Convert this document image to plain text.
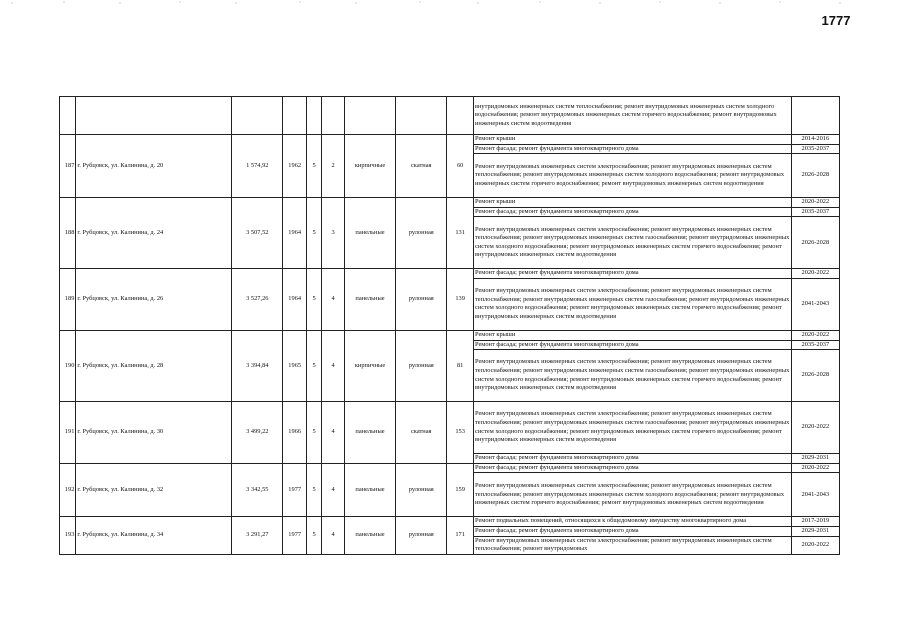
1777
									внутридомовых инженерных систем теплоснабжения; ремонт внутридомовых инженерных систем холодного водоснабжения; ремонт внутридомовых инженерных систем горячего водоснабжения; ремонт внутридомовых инженерных систем водоотведения	
187	г. Рубцовск, ул. Калинина, д. 20	1 574,92	1962	5	2	кирпичные	скатная	60	Ремонт крыши	2014-2016
									Ремонт фасада; ремонт фундамента многоквартирного дома	2035-2037
									Ремонт внутридомовых инженерных систем электроснабжения; ремонт внутридомовых инженерных систем теплоснабжения; ремонт внутридомовых инженерных систем холодного водоснабжения; ремонт внутридомовых инженерных систем горячего водоснабжения; ремонт внутридомовых инженерных систем водоотведения	2026-2028
188	г. Рубцовск, ул. Калинина, д. 24	3 507,52	1964	5	3	панельные	рулонная	131	Ремонт крыши	2020-2022
									Ремонт фасада; ремонт фундамента многоквартирного дома	2035-2037
									Ремонт внутридомовых инженерных систем электроснабжения; ремонт внутридомовых инженерных систем теплоснабжения; ремонт внутридомовых инженерных систем газоснабжения; ремонт внутридомовых инженерных систем холодного водоснабжения; ремонт внутридомовых инженерных систем горячего водоснабжения; ремонт внутридомовых инженерных систем водоотведения	2026-2028
189	г. Рубцовск, ул. Калинина, д. 26	3 527,26	1964	5	4	панельные	рулонная	139	Ремонт фасада; ремонт фундамента многоквартирного дома	2020-2022
									Ремонт внутридомовых инженерных систем электроснабжения; ремонт внутридомовых инженерных систем теплоснабжения; ремонт внутридомовых инженерных систем газоснабжения; ремонт внутридомовых инженерных систем холодного водоснабжения; ремонт внутридомовых инженерных систем горячего водоснабжения; ремонт внутридомовых инженерных систем водоотведения	2041-2043
190	г. Рубцовск, ул. Калинина, д. 28	3 394,84	1965	5	4	кирпичные	рулонная	81	Ремонт крыши	2020-2022
									Ремонт фасада; ремонт фундамента многоквартирного дома	2035-2037
									Ремонт внутридомовых инженерных систем электроснабжения; ремонт внутридомовых инженерных систем теплоснабжения; ремонт внутридомовых инженерных систем газоснабжения; ремонт внутридомовых инженерных систем холодного водоснабжения; ремонт внутридомовых инженерных систем горячего водоснабжения; ремонт внутридомовых инженерных систем водоотведения	2026-2028
191	г. Рубцовск, ул. Калинина, д. 30	3 499,22	1966	5	4	панельные	скатная	153	Ремонт внутридомовых инженерных систем электроснабжения; ремонт внутридомовых инженерных систем теплоснабжения; ремонт внутридомовых инженерных систем газоснабжения; ремонт внутридомовых инженерных систем холодного водоснабжения; ремонт внутридомовых инженерных систем горячего водоснабжения; ремонт внутридомовых инженерных систем водоотведения	2020-2022
									Ремонт фасада; ремонт фундамента многоквартирного дома	2029-2031
192	г. Рубцовск, ул. Калинина, д. 32	3 342,55	1977	5	4	панельные	рулонная	159	Ремонт фасада; ремонт фундамента многоквартирного дома	2020-2022
									Ремонт внутридомовых инженерных систем электроснабжения; ремонт внутридомовых инженерных систем теплоснабжения; ремонт внутридомовых инженерных систем холодного водоснабжения; ремонт внутридомовых инженерных систем горячего водоснабжения; ремонт внутридомовых инженерных систем водоотведения	2041-2043
193	г. Рубцовск, ул. Калинина, д. 34	3 291,27	1977	5	4	панельные	рулонная	171	Ремонт подвальных помещений, относящихся к общедомовому имуществу многоквартирного дома	2017-2019
									Ремонт фасада; ремонт фундамента многоквартирного дома	2029-2031
									Ремонт внутридомовых инженерных систем электроснабжения; ремонт внутридомовых инженерных систем теплоснабжения; ремонт внутридомовых	2020-2022
